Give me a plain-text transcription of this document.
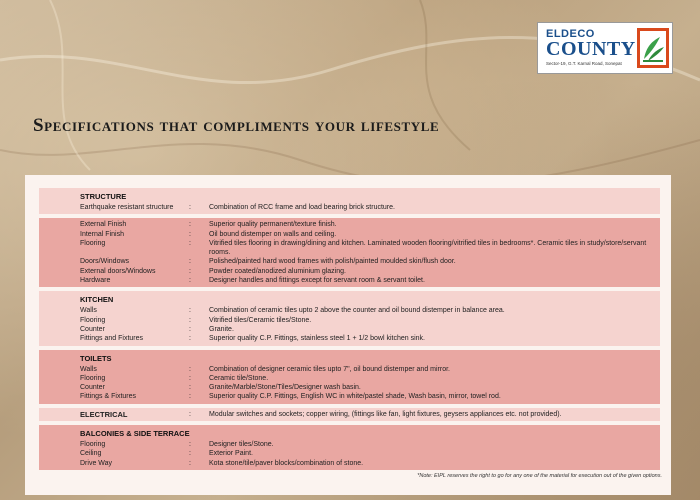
ELDECO
COUNTY
Sector-19, G.T. Karnal Road, Sonepat
Specifications that compliments your lifestyle
STRUCTURE
Earthquake resistant structure	:	Combination of RCC frame and load bearing brick structure.
External Finish	:	Superior quality permanent/texture finish.
Internal Finish	:	Oil bound distemper on walls and ceiling.
Flooring	:	Vitrified tiles flooring in drawing/dining and kitchen. Laminated wooden flooring/vitrified tiles in bedrooms*. Ceramic tiles in study/store/servant rooms.
Doors/Windows	:	Polished/painted hard wood frames with polish/painted moulded skin/flush door.
External doors/Windows	:	Powder coated/anodized aluminium glazing.
Hardware	:	Designer handles and fittings except for servant room & servant toilet.
KITCHEN
Walls	:	Combination of ceramic tiles upto 2 above the counter and oil bound distemper in balance area.
Flooring	:	Vitrified tiles/Ceramic tiles/Stone.
Counter	:	Granite.
Fittings and Fixtures	:	Superior quality C.P. Fittings, stainless steel 1 + 1/2 bowl kitchen sink.
TOILETS
Walls	:	Combination of designer ceramic tiles upto 7", oil bound distemper and mirror.
Flooring	:	Ceramic tile/Stone.
Counter	:	Granite/Marble/Stone/Tiles/Designer wash basin.
Fittings & Fixtures	:	Superior quality C.P. Fittings, English WC in white/pastel shade, Wash basin, mirror, towel rod.
ELECTRICAL	:	Modular switches and sockets; copper wiring, (fittings like fan, light fixtures, geysers appliances etc. not provided).
BALCONIES & SIDE TERRACE
Flooring	:	Designer tiles/Stone.
Ceiling	:	Exterior Paint.
Drive Way	:	Kota stone/tile/paver blocks/combination of stone.
*Note: EIPL reserves the right to go for any one of the material for execution out of the given options.
